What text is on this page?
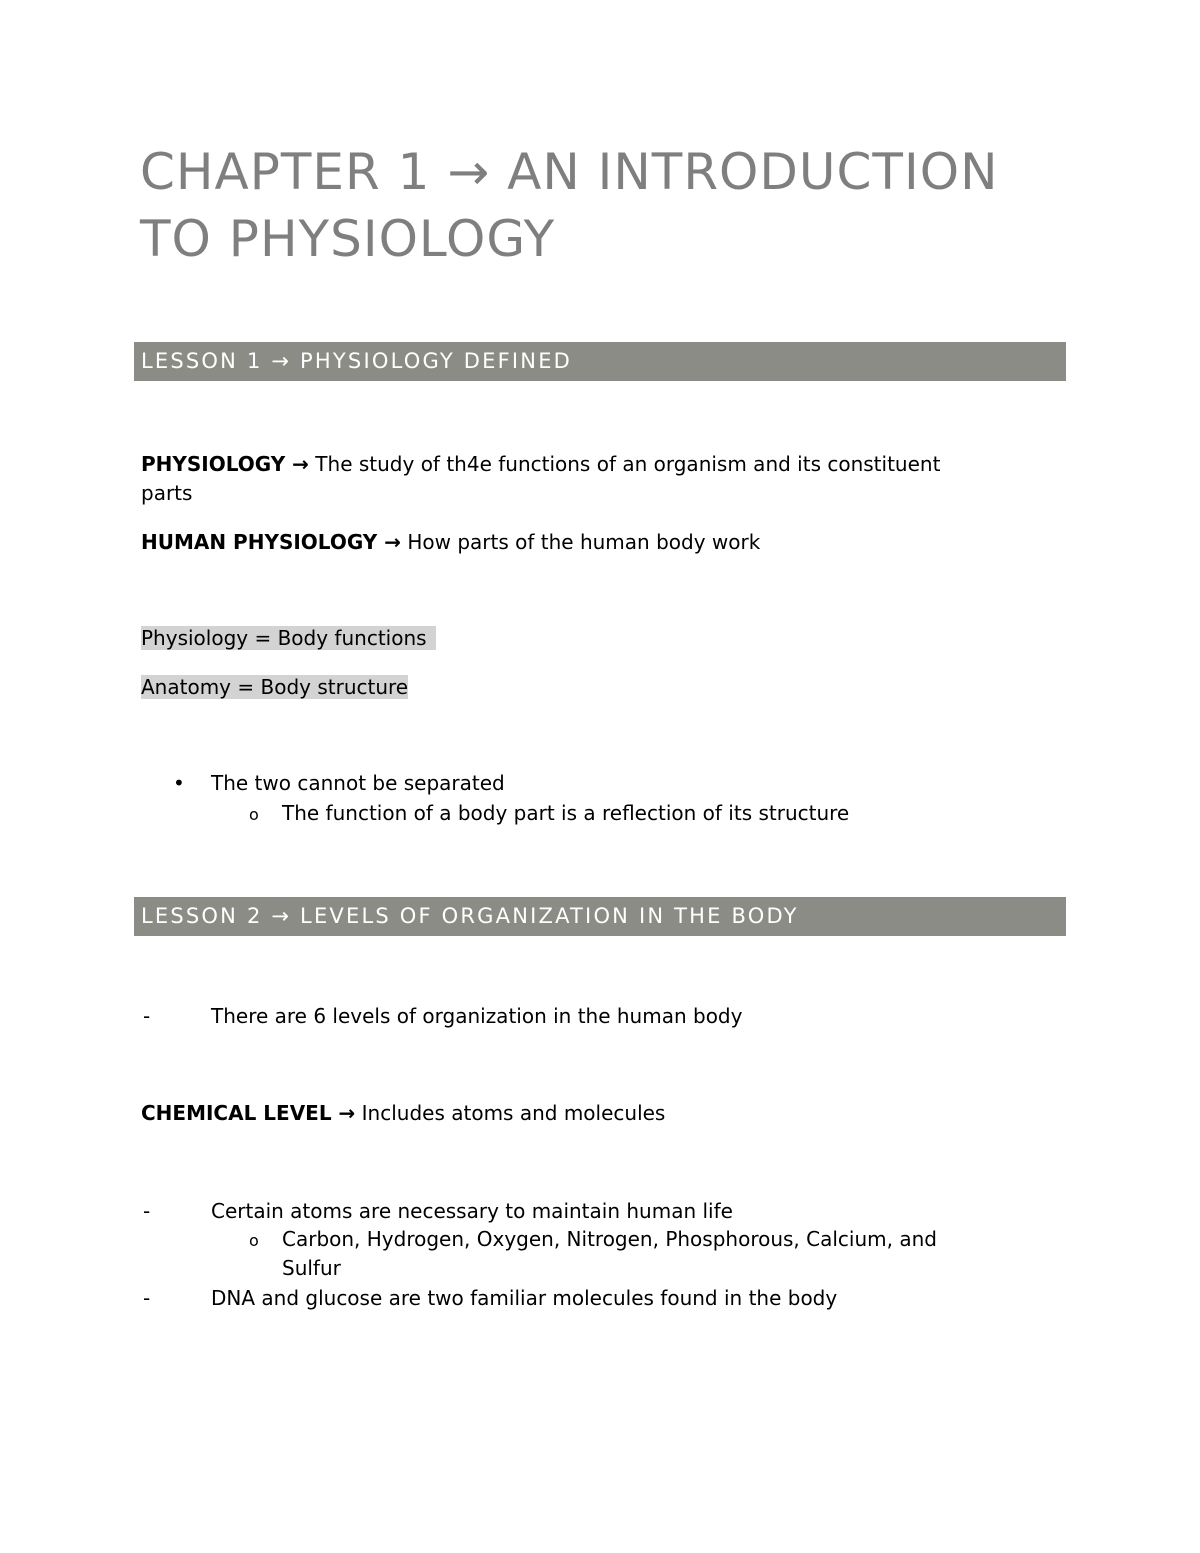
CHAPTER 1 → AN INTRODUCTION
TO PHYSIOLOGY
LESSON 1 → PHYSIOLOGY DEFINED
PHYSIOLOGY → The study of th4e functions of an organism and its constituent
parts
HUMAN PHYSIOLOGY → How parts of the human body work
Physiology = Body functions
Anatomy = Body structure
• The two cannot be separated
o The function of a body part is a reflection of its structure
LESSON 2 → LEVELS OF ORGANIZATION IN THE BODY
-	There are 6 levels of organization in the human body
CHEMICAL LEVEL → Includes atoms and molecules
-	Certain atoms are necessary to maintain human life
o Carbon, Hydrogen, Oxygen, Nitrogen, Phosphorous, Calcium, and
Sulfur
-	DNA and glucose are two familiar molecules found in the body
